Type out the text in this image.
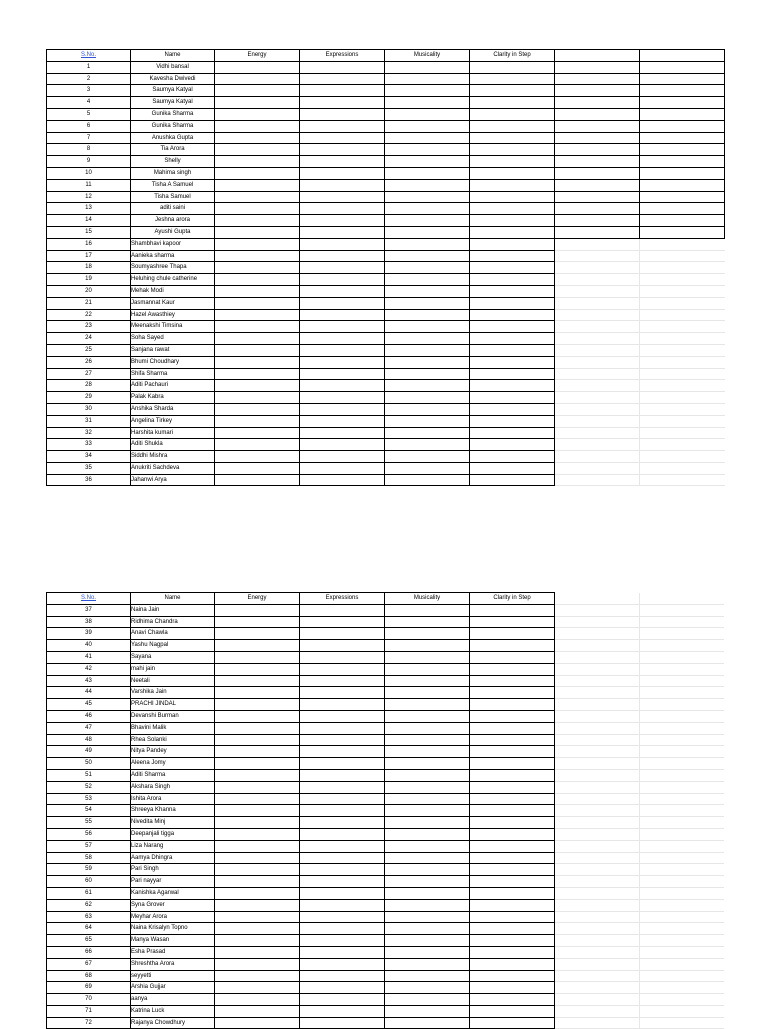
S.No.	Name	Energy	Expressions	Musicality	Clarity in Step		
1	Vidhi bansal						
2	Kavesha Dwivedi						
3	Saumya Katyal						
4	Saumya Katyal						
5	Gunika Sharma						
6	Gunika Sharma						
7	Anushka Gupta						
8	Tia Arora						
9	Shelly						
10	Mahima singh						
11	Tisha A Samuel						
12	Tisha Samuel						
13	aditi saini						
14	Jeshna arora						
15	Ayushi Gupta						
16	Shambhavi kapoor						
17	Aanieka sharma						
18	Soumyashree Thapa						
19	Heluhing chule catherine						
20	Mehak Modi						
21	Jasmannat Kaur						
22	Hazel Awasthiey						
23	Meenakshi Timsina						
24	Soha Sayed						
25	Sanjana rawat						
26	Bhumi Choudhary						
27	Shifa Sharma						
28	Aditi Pachauri						
29	Palak Kabra						
30	Anshika Sharda						
31	Angelina Tirkey						
32	Harshita kumari						
33	Aditi Shukla						
34	Siddhi Mishra						
35	Anukriti Sachdeva						
36	Jahanwi Arya						
S.No.	Name	Energy	Expressions	Musicality	Clarity in Step		
37	Naina Jain						
38	Ridhima Chandra						
39	Anavi Chawla						
40	Yashu Nagpal						
41	Sayana						
42	mahi jain						
43	Neetali						
44	Varshika Jain						
45	PRACHI JINDAL						
46	Devanshi Burman						
47	Bhavini Malik						
48	Rhea Solanki						
49	Nitya Pandey						
50	Aleena Jomy						
51	Aditi Sharma						
52	Akshara Singh						
53	Ishita Arora						
54	Shreeya Khanna						
55	Nivedita Minj						
56	Deepanjali tigga						
57	Liza Narang						
58	Aamya Dhingra						
59	Pari Singh						
60	Pari nayyar						
61	Kanishka Agarwal						
62	Syna Grover						
63	Meyhar Arora						
64	Naina Krisalyn Topno						
65	Manya Wasan						
66	Esha Prasad						
67	Shreshtha Arora						
68	seyyetti						
69	Arshia Gujjar						
70	aanya						
71	Katrina Luck						
72	Rajanya Chowdhury						
